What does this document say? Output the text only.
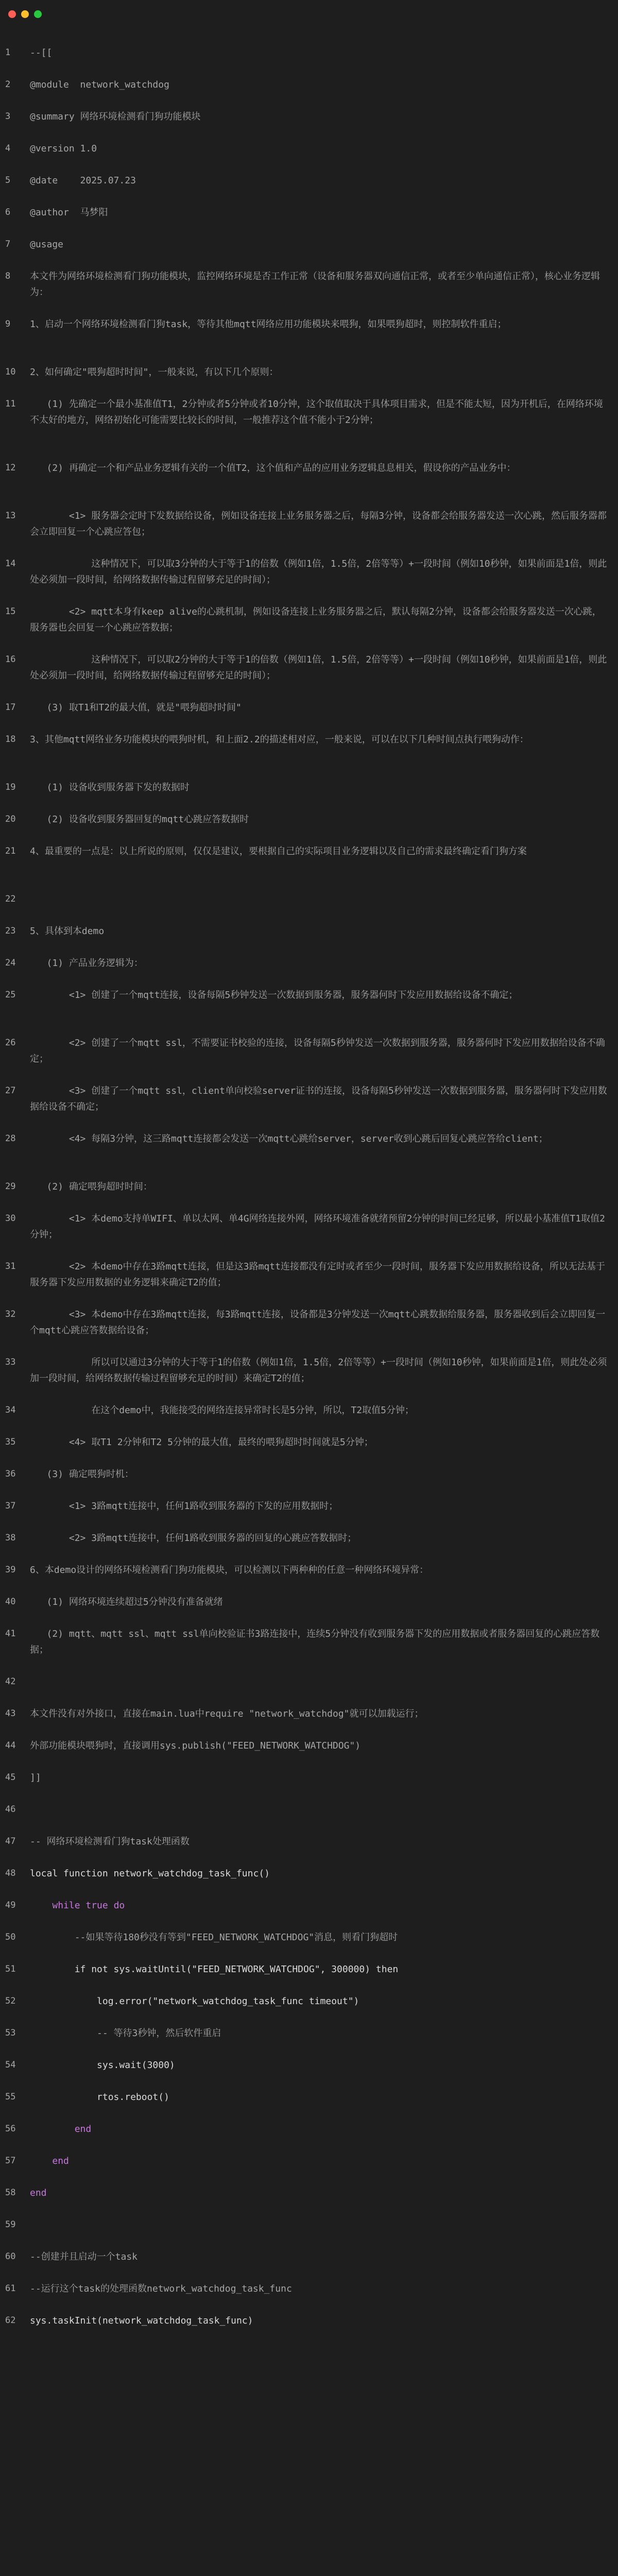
1	--[[
2	@module  network_watchdog
3	@summary 网络环境检测看门狗功能模块
4	@version 1.0
5	@date    2025.07.23
6	@author  马梦阳
7	@usage
8	本文件为网络环境检测看门狗功能模块，监控网络环境是否工作正常（设备和服务器双向通信正常，或者至少单向通信正常），核心业务逻辑为：
9	1、启动一个网络环境检测看门狗task，等待其他mqtt网络应用功能模块来喂狗，如果喂狗超时，则控制软件重启；
10	2、如何确定"喂狗超时时间"，一般来说，有以下几个原则：
11	(1) 先确定一个最小基准值T1，2分钟或者5分钟或者10分钟，这个取值取决于具体项目需求，但是不能太短，因为开机后，在网络环境不太好的地方，网络初始化可能需要比较长的时间，一般推荐这个值不能小于2分钟；
12	(2) 再确定一个和产品业务逻辑有关的一个值T2，这个值和产品的应用业务逻辑息息相关，假设你的产品业务中：
13	<1> 服务器会定时下发数据给设备，例如设备连接上业务服务器之后，每隔3分钟，设备都会给服务器发送一次心跳，然后服务器都会立即回复一个心跳应答包；
14	这种情况下，可以取3分钟的大于等于1的倍数（例如1倍，1.5倍，2倍等等）+一段时间（例如10秒钟，如果前面是1倍，则此处必须加一段时间，给网络数据传输过程留够充足的时间）；
15	<2> mqtt本身有keep alive的心跳机制，例如设备连接上业务服务器之后，默认每隔2分钟，设备都会给服务器发送一次心跳，服务器也会回复一个心跳应答数据；
16	这种情况下，可以取2分钟的大于等于1的倍数（例如1倍，1.5倍，2倍等等）+一段时间（例如10秒钟，如果前面是1倍，则此处必须加一段时间，给网络数据传输过程留够充足的时间）；
17	(3) 取T1和T2的最大值，就是"喂狗超时时间"
18	3、其他mqtt网络业务功能模块的喂狗时机，和上面2.2的描述相对应，一般来说，可以在以下几种时间点执行喂狗动作：
19	(1) 设备收到服务器下发的数据时
20	(2) 设备收到服务器回复的mqtt心跳应答数据时
21	4、最重要的一点是：以上所说的原则，仅仅是建议，要根据自己的实际项目业务逻辑以及自己的需求最终确定看门狗方案
22
23	5、具体到本demo
24	(1) 产品业务逻辑为：
25	<1> 创建了一个mqtt连接，设备每隔5秒钟发送一次数据到服务器，服务器何时下发应用数据给设备不确定；
26	<2> 创建了一个mqtt ssl，不需要证书校验的连接，设备每隔5秒钟发送一次数据到服务器，服务器何时下发应用数据给设备不确定；
27	<3> 创建了一个mqtt ssl，client单向校验server证书的连接，设备每隔5秒钟发送一次数据到服务器，服务器何时下发应用数据给设备不确定；
28	<4> 每隔3分钟，这三路mqtt连接都会发送一次mqtt心跳给server，server收到心跳后回复心跳应答给client；
29	(2) 确定喂狗超时时间：
30	<1> 本demo支持单WIFI、单以太网、单4G网络连接外网，网络环境准备就绪预留2分钟的时间已经足够，所以最小基准值T1取值2分钟；
31	<2> 本demo中存在3路mqtt连接，但是这3路mqtt连接都没有定时或者至少一段时间，服务器下发应用数据给设备，所以无法基于服务器下发应用数据的业务逻辑来确定T2的值；
32	<3> 本demo中存在3路mqtt连接，每3路mqtt连接，设备都是3分钟发送一次mqtt心跳数据给服务器，服务器收到后会立即回复一个mqtt心跳应答数据给设备；
33	所以可以通过3分钟的大于等于1的倍数（例如1倍，1.5倍，2倍等等）+一段时间（例如10秒钟，如果前面是1倍，则此处必须加一段时间，给网络数据传输过程留够充足的时间）来确定T2的值；
34	在这个demo中，我能接受的网络连接异常时长是5分钟，所以，T2取值5分钟；
35	<4> 取T1 2分钟和T2 5分钟的最大值，最终的喂狗超时时间就是5分钟；
36	(3) 确定喂狗时机：
37	<1> 3路mqtt连接中，任何1路收到服务器的下发的应用数据时；
38	<2> 3路mqtt连接中，任何1路收到服务器的回复的心跳应答数据时；
39	6、本demo设计的网络环境检测看门狗功能模块，可以检测以下两种种的任意一种网络环境异常：
40	(1) 网络环境连续超过5分钟没有准备就绪
41	(2) mqtt、mqtt ssl、mqtt ssl单向校验证书3路连接中，连续5分钟没有收到服务器下发的应用数据或者服务器回复的心跳应答数据；
42
43	本文件没有对外接口，直接在main.lua中require "network_watchdog"就可以加载运行；
44	外部功能模块喂狗时，直接调用sys.publish("FEED_NETWORK_WATCHDOG")
45	]]
46
47	-- 网络环境检测看门狗task处理函数
48	local function network_watchdog_task_func()
49	while true do
50	--如果等待180秒没有等到"FEED_NETWORK_WATCHDOG"消息，则看门狗超时
51	if not sys.waitUntil("FEED_NETWORK_WATCHDOG", 300000) then
52	log.error("network_watchdog_task_func timeout")
53	-- 等待3秒钟，然后软件重启
54	sys.wait(3000)
55	rtos.reboot()
56	end
57	end
58	end
59
60	--创建并且启动一个task
61	--运行这个task的处理函数network_watchdog_task_func
62	sys.taskInit(network_watchdog_task_func)
